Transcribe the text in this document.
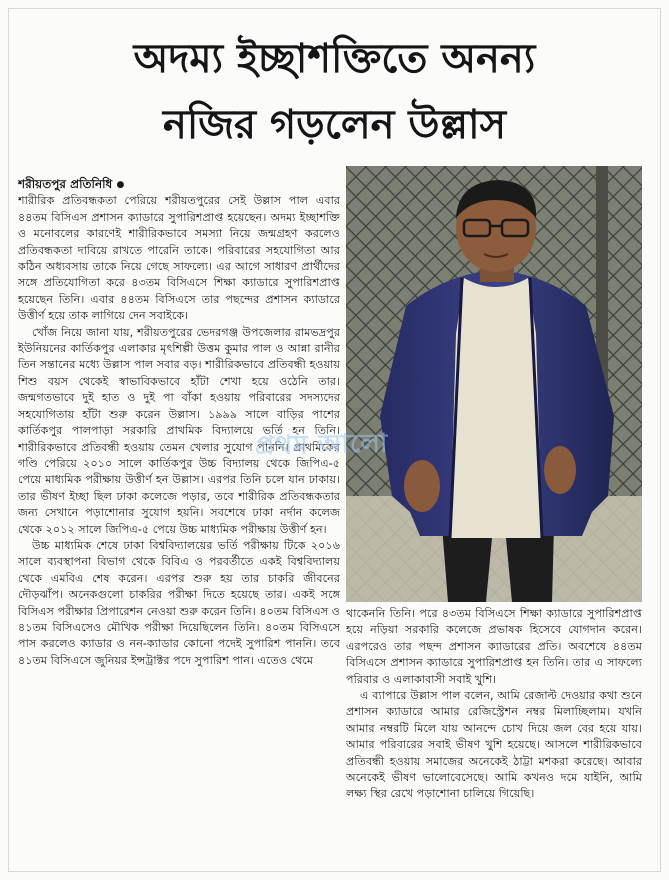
অদম্য ইচ্ছাশক্তিতে অনন্য
নজির গড়লেন উল্লাস

শরীয়তপুর প্রতিনিধি ●
শারীরিক প্রতিবন্ধকতা পেরিয়ে শরীয়তপুরের সেই উল্লাস পাল এবার ৪৪তম বিসিএস প্রশাসন ক্যাডারে সুপারিশপ্রাপ্ত হয়েছেন। অদম্য ইচ্ছাশক্তি ও মনোবলের কারণেই শারীরিকভাবে সমস্যা নিয়ে জন্মগ্রহণ করলেও প্রতিবন্ধকতা দাবিয়ে রাখতে পারেনি তাকে। পরিবারের সহযোগিতা আর কঠিন অধ্যবসায় তাকে নিয়ে গেছে সাফল্যে। এর আগে সাধারণ প্রার্থীদের সঙ্গে প্রতিযোগিতা করে ৪৩তম বিসিএসে শিক্ষা ক্যাডারে সুপারিশপ্রাপ্ত হয়েছেন তিনি। এবার ৪৪তম বিসিএসে তার পছন্দের প্রশাসন ক্যাডারে উত্তীর্ণ হয়ে তাক লাগিয়ে দেন সবাইকে।

খোঁজ নিয়ে জানা যায়, শরীয়তপুরের ভেদরগঞ্জ উপজেলার রামভদ্রপুর ইউনিয়নের কার্তিকপুর এলাকার মৃৎশিল্পী উত্তম কুমার পাল ও আন্না রানীর তিন সন্তানের মধ্যে উল্লাস পাল সবার বড়। শারীরিকভাবে প্রতিবন্ধী হওয়ায় শিশু বয়স থেকেই স্বাভাবিকভাবে হাঁটা শেখা হয়ে ওঠেনি তার। জন্মগতভাবে দুই হাত ও দুই পা বাঁকা হওয়ায় পরিবারের সদস্যদের সহযোগিতায় হাঁটা শুরু করেন উল্লাস। ১৯৯৯ সালে বাড়ির পাশের কার্তিকপুর পালপাড়া সরকারি প্রাথমিক বিদ্যালয়ে ভর্তি হন তিনি। শারীরিকভাবে প্রতিবন্ধী হওয়ায় তেমন খেলার সুযোগ পাননি। প্রাথমিকের গণ্ডি পেরিয়ে ২০১০ সালে কার্তিকপুর উচ্চ বিদ্যালয় থেকে জিপিএ-৫ পেয়ে মাধ্যমিক পরীক্ষায় উত্তীর্ণ হন উল্লাস। এরপর তিনি চলে যান ঢাকায়। তার ভীষণ ইচ্ছা ছিল ঢাকা কলেজে পড়ার, তবে শারীরিক প্রতিবন্ধকতার জন্য সেখানে পড়াশোনার সুযোগ হয়নি। সবশেষে ঢাকা নর্দান কলেজ থেকে ২০১২ সালে জিপিএ-৫ পেয়ে উচ্চ মাধ্যমিক পরীক্ষায় উত্তীর্ণ হন।

উচ্চ মাধ্যমিক শেষে ঢাকা বিশ্ববিদ্যালয়ের ভর্তি পরীক্ষায় টিকে ২০১৬ সালে ব্যবস্থাপনা বিভাগ থেকে বিবিএ ও পরবর্তীতে একই বিশ্ববিদ্যালয় থেকে এমবিএ শেষ করেন। এরপর শুরু হয় তার চাকরি জীবনের দৌড়ঝাঁপ। অনেকগুলো চাকরির পরীক্ষা দিতে হয়েছে তার। একই সঙ্গে বিসিএস পরীক্ষার প্রিপারেশন নেওয়া শুরু করেন তিনি। ৪০তম বিসিএস ও ৪১তম বিসিএসেও মৌখিক পরীক্ষা দিয়েছিলেন তিনি। ৪০তম বিসিএসে পাস করলেও ক্যাডার ও নন-ক্যাডার কোনো পদেই সুপারিশ পাননি। তবে ৪১তম বিসিএসে জুনিয়র ইন্সট্রাক্টর পদে সুপারিশ পান। এতেও থেমে

প্রথম আলো

থাকেননি তিনি। পরে ৪৩তম বিসিএসে শিক্ষা ক্যাডারে সুপারিশপ্রাপ্ত হয়ে নড়িয়া সরকারি কলেজে প্রভাষক হিসেবে যোগদান করেন। এরপরেও তার পছন্দ প্রশাসন ক্যাডারের প্রতি। অবশেষে ৪৪তম বিসিএসে প্রশাসন ক্যাডারে সুপারিশপ্রাপ্ত হন তিনি। তার এ সাফল্যে পরিবার ও এলাকাবাসী সবাই খুশি।

এ ব্যাপারে উল্লাস পাল বলেন, আমি রেজাল্ট দেওয়ার কথা শুনে প্রশাসন ক্যাডারে আমার রেজিস্ট্রেশন নম্বর মিলাচ্ছিলাম। যখনি আমার নম্বরটি মিলে যায় আনন্দে চোখ দিয়ে জল বের হয়ে যায়। আমার পরিবারের সবাই ভীষণ খুশি হয়েছে। আসলে শারীরিকভাবে প্রতিবন্ধী হওয়ায় সমাজের অনেকেই ঠাট্টা মশকরা করেছে। আবার অনেকেই ভীষণ ভালোবেসেছে। আমি কখনও দমে যাইনি, আমি লক্ষ্য স্থির রেখে পড়াশোনা চালিয়ে গিয়েছি।
